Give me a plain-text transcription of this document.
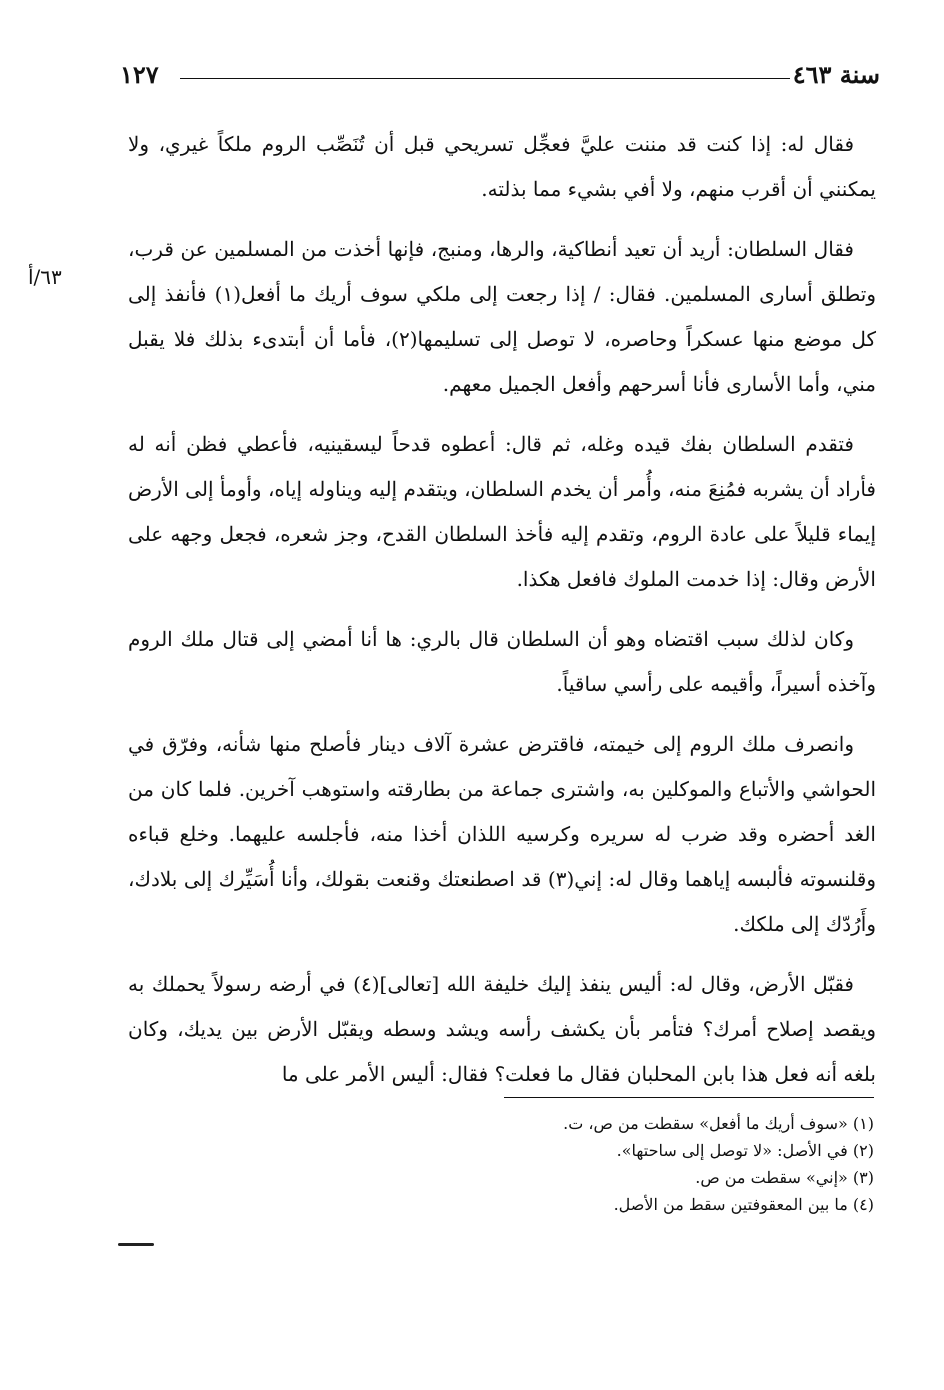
سنة ٤٦٣
١٢٧
٦٣/أ

فقال له: إذا كنت قد مننت عليَّ فعجِّل تسريحي قبل أن تُنَصِّب الروم ملكاً غيري، ولا يمكنني أن أقرب منهم، ولا أفي بشيء مما بذلته.

فقال السلطان: أريد أن تعيد أنطاكية، والرها، ومنبج، فإنها أخذت من المسلمين عن قرب، وتطلق أسارى المسلمين. فقال: / إذا رجعت إلى ملكي سوف أريك ما أفعل(١) فأنفذ إلى كل موضع منها عسكراً وحاصره، لا توصل إلى تسليمها(٢)، فأما أن أبتدىء بذلك فلا يقبل مني، وأما الأسارى فأنا أسرحهم وأفعل الجميل معهم.

فتقدم السلطان بفك قيده وغله، ثم قال: أعطوه قدحاً ليسقينيه، فأعطي فظن أنه له فأراد أن يشربه فمُنِعَ منه، وأُمر أن يخدم السلطان، ويتقدم إليه ويناوله إياه، وأومأ إلى الأرض إيماء قليلاً على عادة الروم، وتقدم إليه فأخذ السلطان القدح، وجز شعره، فجعل وجهه على الأرض وقال: إذا خدمت الملوك فافعل هكذا.

وكان لذلك سبب اقتضاه وهو أن السلطان قال بالري: ها أنا أمضي إلى قتال ملك الروم وآخذه أسيراً، وأقيمه على رأسي ساقياً.

وانصرف ملك الروم إلى خيمته، فاقترض عشرة آلاف دينار فأصلح منها شأنه، وفرّق في الحواشي والأتباع والموكلين به، واشترى جماعة من بطارقته واستوهب آخرين. فلما كان من الغد أحضره وقد ضرب له سريره وكرسيه اللذان أخذا منه، فأجلسه عليهما. وخلع قباءه وقلنسوته فألبسه إياهما وقال له: إني(٣) قد اصطنعتك وقنعت بقولك، وأنا أُسَيِّرك إلى بلادك، وأَرُدّك إلى ملكك.

فقبّل الأرض، وقال له: أليس ينفذ إليك خليفة الله [تعالى](٤) في أرضه رسولاً يحملك به ويقصد إصلاح أمرك؟ فتأمر بأن يكشف رأسه ويشد وسطه ويقبّل الأرض بين يديك، وكان بلغه أنه فعل هذا بابن المحلبان فقال ما فعلت؟ فقال: أليس الأمر على ما

(١) «سوف أريك ما أفعل» سقطت من ص، ت.
(٢) في الأصل: «لا توصل إلى ساحتها».
(٣) «إني» سقطت من ص.
(٤) ما بين المعقوفتين سقط من الأصل.
